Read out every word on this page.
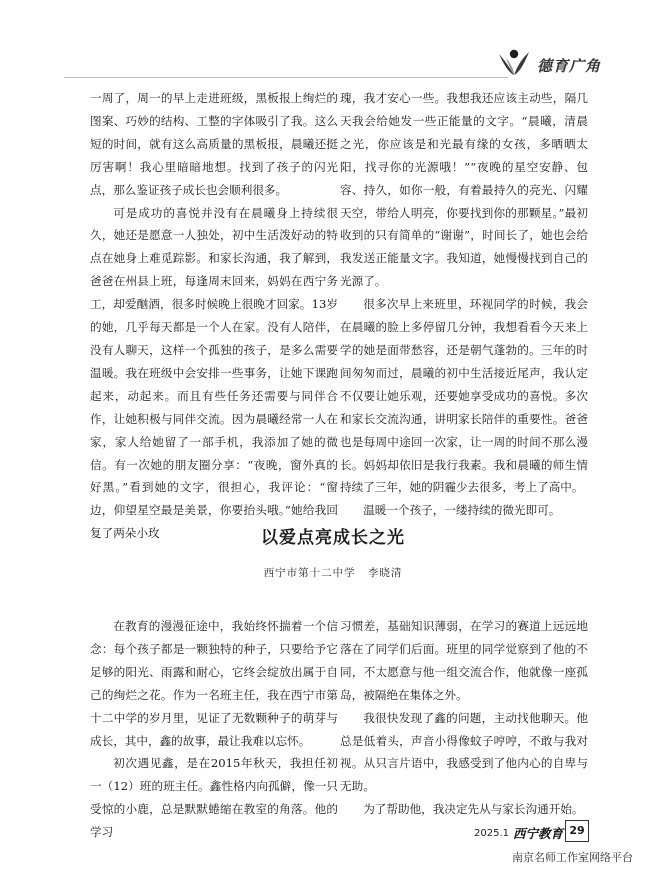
德育广角

一周了，周一的早上走进班级，黑板报上绚烂的图案、巧妙的结构、工整的字体吸引了我。这么短的时间，就有这么高质量的黑板报，晨曦还挺厉害啊！我心里暗暗地想。找到了孩子的闪光点，那么鉴证孩子成长也会顺利很多。

可是成功的喜悦并没有在晨曦身上持续很久，她还是愿意一人独处，初中生活泼好动的特点在她身上难觅踪影。和家长沟通，我了解到，爸爸在州县上班，每逢周末回来，妈妈在西宁务工，却爱酗酒，很多时候晚上很晚才回家。13岁的她，几乎每天都是一个人在家。没有人陪伴，没有人聊天，这样一个孤独的孩子，是多么需要温暖。我在班级中会安排一些事务，让她下课跑起来，动起来。而且有些任务还需要与同伴合作，让她积极与同伴交流。因为晨曦经常一人在家，家人给她留了一部手机，我添加了她的微信。有一次她的朋友圈分享：“夜晚，窗外真的好黑。”看到她的文字，很担心，我评论：“窗边，仰望星空最是美景，你要抬头哦。”她给我回复了两朵小玫

瑰，我才安心一些。我想我还应该主动些，隔几天我会给她发一些正能量的文字。“晨曦，清晨之光，你应该是和光最有缘的女孩，多晒晒太阳，找寻你的光源哦！”“夜晚的星空安静、包容、持久，如你一般，有着最持久的亮光、闪耀天空，带给人明亮，你要找到你的那颗星。”最初收到的只有简单的“谢谢”，时间长了，她也会给我发送正能量文字。我知道，她慢慢找到自己的光源了。

很多次早上来班里，环视同学的时候，我会在晨曦的脸上多停留几分钟，我想看看今天来上学的她是面带愁容，还是朝气蓬勃的。三年的时间匆匆而过，晨曦的初中生活接近尾声，我认定不仅要让她乐观，还要她享受成功的喜悦。多次和家长交流沟通，讲明家长陪伴的重要性。爸爸也是每周中途回一次家，让一周的时间不那么漫长。妈妈却依旧是我行我素。我和晨曦的师生情持续了三年，她的阴霾少去很多，考上了高中。

温暖一个孩子，一缕持续的微光即可。

以爱点亮成长之光
西宁市第十二中学 李晓清

在教育的漫漫征途中，我始终怀揣着一个信念：每个孩子都是一颗独特的种子，只要给予它足够的阳光、雨露和耐心，它终会绽放出属于自己的绚烂之花。作为一名班主任，我在西宁市第十二中学的岁月里，见证了无数颗种子的萌芽与成长，其中，鑫的故事，最让我难以忘怀。

初次遇见鑫，是在2015年秋天，我担任初一（12）班的班主任。鑫性格内向孤僻，像一只受惊的小鹿，总是默默蜷缩在教室的角落。他的学习

习惯差，基础知识薄弱，在学习的赛道上远远地落在了同学们后面。班里的同学觉察到了他的不同，不太愿意与他一组交流合作，他就像一座孤岛，被隔绝在集体之外。

我很快发现了鑫的问题，主动找他聊天。他总是低着头，声音小得像蚊子哼哼，不敢与我对视。从只言片语中，我感受到了他内心的自卑与无助。

为了帮助他，我决定先从与家长沟通开始。

2025.1 西宁教育 29
南京名师工作室网络平台
